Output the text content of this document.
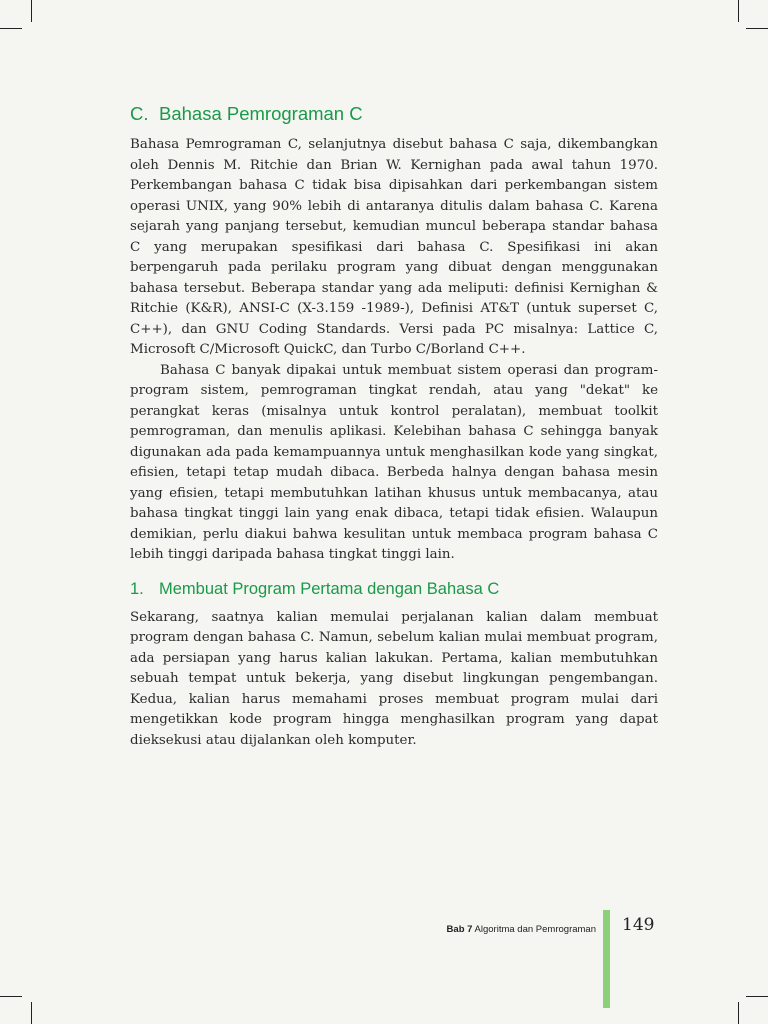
C. Bahasa Pemrograman C

Bahasa Pemrograman C, selanjutnya disebut bahasa C saja, dikembangkan oleh Dennis M. Ritchie dan Brian W. Kernighan pada awal tahun 1970. Perkembangan bahasa C tidak bisa dipisahkan dari perkembangan sistem operasi UNIX, yang 90% lebih di antaranya ditulis dalam bahasa C. Karena sejarah yang panjang tersebut, kemudian muncul beberapa standar bahasa C yang merupakan spesifikasi dari bahasa C. Spesifikasi ini akan berpengaruh pada perilaku program yang dibuat dengan menggunakan bahasa tersebut. Beberapa standar yang ada meliputi: definisi Kernighan & Ritchie (K&R), ANSI-C (X-3.159 -1989-), Definisi AT&T (untuk superset C, C++), dan GNU Coding Standards. Versi pada PC misalnya: Lattice C, Microsoft C/Microsoft QuickC, dan Turbo C/Borland C++.

Bahasa C banyak dipakai untuk membuat sistem operasi dan program-program sistem, pemrograman tingkat rendah, atau yang "dekat" ke perangkat keras (misalnya untuk kontrol peralatan), membuat toolkit pemrograman, dan menulis aplikasi. Kelebihan bahasa C sehingga banyak digunakan ada pada kemampuannya untuk menghasilkan kode yang singkat, efisien, tetapi tetap mudah dibaca. Berbeda halnya dengan bahasa mesin yang efisien, tetapi membutuhkan latihan khusus untuk membacanya, atau bahasa tingkat tinggi lain yang enak dibaca, tetapi tidak efisien. Walaupun demikian, perlu diakui bahwa kesulitan untuk membaca program bahasa C lebih tinggi daripada bahasa tingkat tinggi lain.

1. Membuat Program Pertama dengan Bahasa C

Sekarang, saatnya kalian memulai perjalanan kalian dalam membuat program dengan bahasa C. Namun, sebelum kalian mulai membuat program, ada persiapan yang harus kalian lakukan. Pertama, kalian membutuhkan sebuah tempat untuk bekerja, yang disebut lingkungan pengembangan. Kedua, kalian harus memahami proses membuat program mulai dari mengetikkan kode program hingga menghasilkan program yang dapat dieksekusi atau dijalankan oleh komputer.

Bab 7 Algoritma dan Pemrograman 149
